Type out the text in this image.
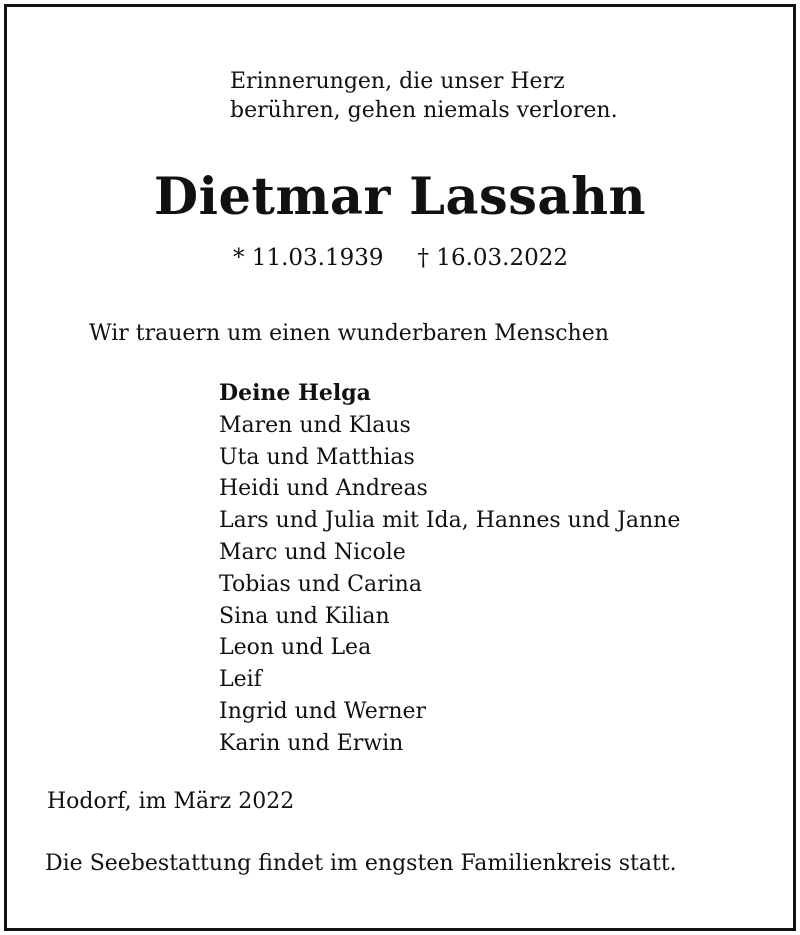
Erinnerungen, die unser Herz
berühren, gehen niemals verloren.
Dietmar Lassahn
* 11.03.1939 † 16.03.2022
Wir trauern um einen wunderbaren Menschen
Deine Helga
Maren und Klaus
Uta und Matthias
Heidi und Andreas
Lars und Julia mit Ida, Hannes und Janne
Marc und Nicole
Tobias und Carina
Sina und Kilian
Leon und Lea
Leif
Ingrid und Werner
Karin und Erwin
Hodorf, im März 2022
Die Seebestattung findet im engsten Familienkreis statt.
